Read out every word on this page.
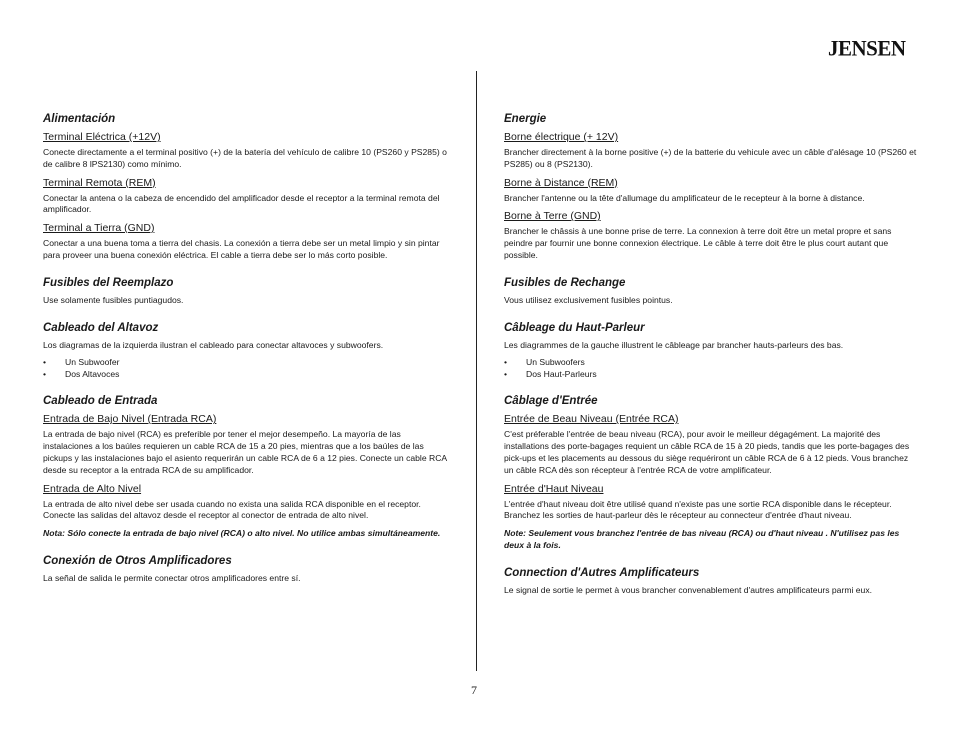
JENSEN
Alimentación
Terminal Eléctrica (+12V)

Conecte directamente a el terminal positivo (+) de la batería del vehículo de calibre 10 (PS260 y PS285) o de calibre 8 lPS2130) como mínimo.

Terminal Remota (REM)

Conectar la antena o la cabeza de encendido del amplificador desde el receptor a la terminal remota del amplificador.

Terminal a Tierra (GND)

Conectar a una buena toma a tierra del chasis. La conexión a tierra debe ser un metal limpio y sin pintar para proveer una buena conexión eléctrica. El cable a tierra debe ser lo más corto posible.

Fusibles del Reemplazo

Use solamente fusibles puntiagudos.

Cableado del Altavoz

Los diagramas de la izquierda ilustran el cableado para conectar altavoces y subwoofers.

• Un Subwoofer
• Dos Altavoces
Cableado de Entrada
Entrada de Bajo Nivel (Entrada RCA)

La entrada de bajo nivel (RCA) es preferible por tener el mejor desempeño. La mayoría de las instalaciones a los baúles requieren un cable RCA de 15 a 20 pies, mientras que a los baúles de las pickups y las instalaciones bajo el asiento requerirán un cable RCA de 6 a 12 pies. Conecte un cable RCA desde su receptor a la entrada RCA de su amplificador.

Entrada de Alto Nivel

La entrada de alto nivel debe ser usada cuando no exista una salida RCA disponible en el receptor. Conecte las salidas del altavoz desde el receptor al conector de entrada de alto nivel.

Nota: Sólo conecte la entrada de bajo nivel (RCA) o alto nivel. No utilice ambas simultáneamente.

Conexión de Otros Amplificadores

La señal de salida le permite conectar otros amplificadores entre sí.

Energie
Borne électrique (+ 12V)

Brancher directement à la borne positive (+) de la batterie du vehicule avec un câble d'alésage 10 (PS260 et PS285) ou 8 (PS2130).

Borne à Distance (REM)

Brancher l'antenne ou la tête d'allumage du amplificateur de le recepteur à la borne à distance.

Borne à Terre (GND)

Brancher le châssis à une bonne prise de terre. La connexion à terre doit être un metal propre et sans peindre par fournir une bonne connexion électrique. Le câble à terre doit être le plus court autant que possible.

Fusibles de Rechange

Vous utilisez exclusivement fusibles pointus.

Câbleage du Haut-Parleur

Les diagrammes de la gauche illustrent le câbleage par brancher hauts-parleurs des bas.

• Un Subwoofers
• Dos Haut-Parleurs
Câblage d'Entrée
Entrée de Beau Niveau (Entrée RCA)

C'est préferable l'entrée de beau niveau (RCA), pour avoir le meilleur dégagément. La majorité des installations des porte-bagages requient un câble RCA de 15 à 20 pieds, tandis que les porte-bagages des pick-ups et les placements au dessous du siège requériront un câble RCA de 6 à 12 pieds. Vous branchez un câble RCA dès son récepteur à l'entrée RCA de votre amplificateur.

Entrée d'Haut Niveau

L'entrée d'haut niveau doit être utilisé quand n'existe pas une sortie RCA disponible dans le récepteur. Branchez les sorties de haut-parleur dès le récepteur au connecteur d'entrée d'haut niveau.

Note: Seulement vous branchez l'entrée de bas niveau (RCA) ou d'haut niveau . N'utilisez pas les deux à la fois.

Connection d'Autres Amplificateurs

Le signal de sortie le permet à vous brancher convenablement d'autres amplificateurs parmi eux.

7
